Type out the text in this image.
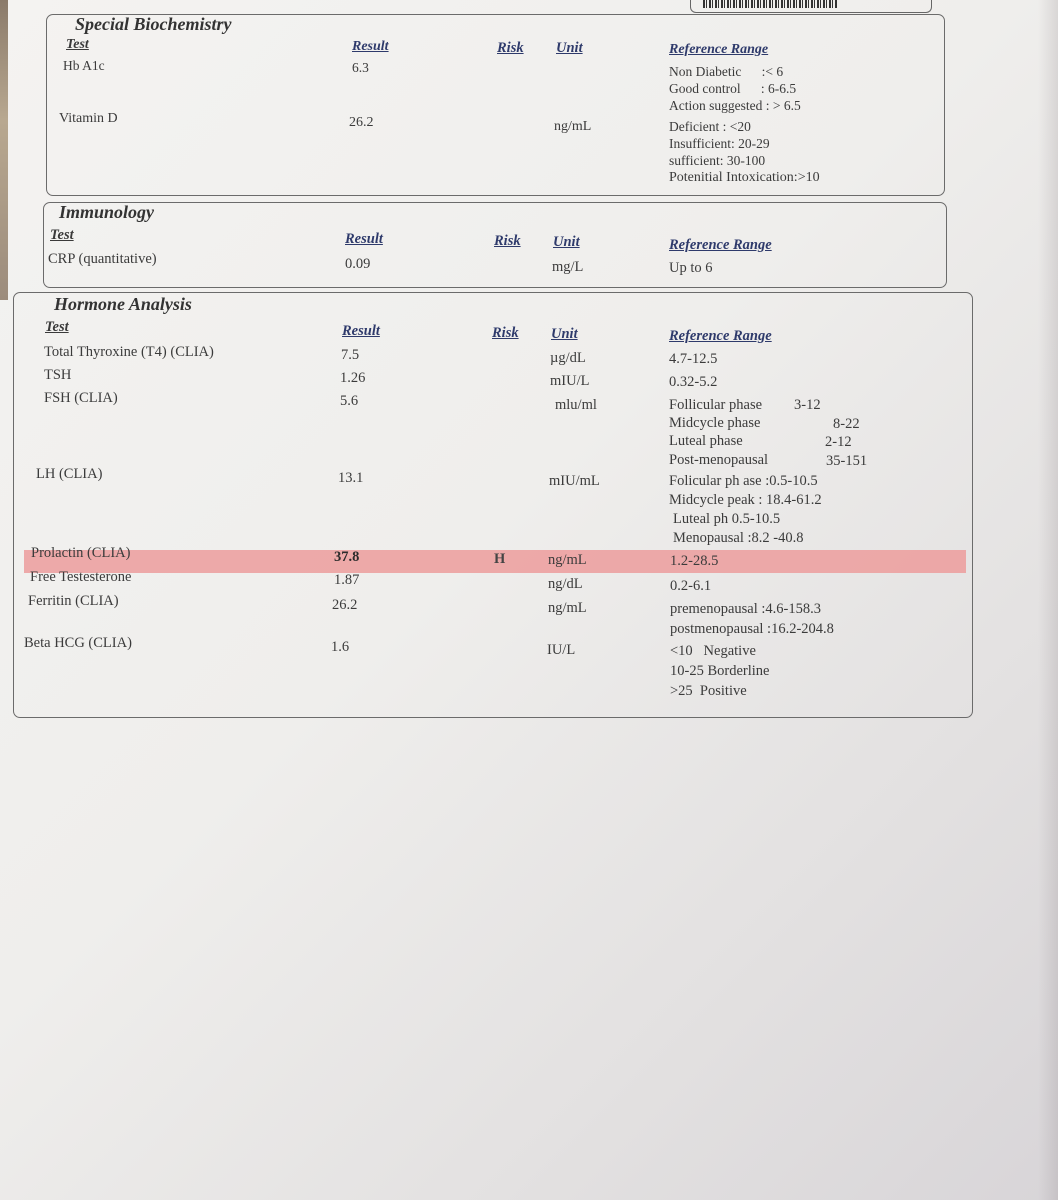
Special Biochemistry
Test	Result	Risk Unit	Reference Range
Hb A1c	6.3	Non Diabetic      :< 6
Good control      : 6-6.5
Action suggested : > 6.5
Vitamin D	26.2	ng/mL	Deficient : <20
Insufficient: 20-29
sufficient: 30-100
Potenitial Intoxication:>10
Immunology
Test	Result	Risk Unit	Reference Range
CRP (quantitative)	0.09	mg/L	Up to 6
Hormone Analysis
Test	Result	Risk Unit	Reference Range
Total Thyroxine (T4) (CLIA)	7.5	µg/dL	4.7-12.5
TSH	1.26	mIU/L	0.32-5.2
FSH (CLIA)	5.6	mlu/ml	Follicular phase 3-12
Midcycle phase	8-22
Luteal phase	2-12
Post-menopausal	35-151
LH (CLIA)	13.1	mIU/mL	Folicular ph ase :0.5-10.5
Midcycle peak : 18.4-61.2
Luteal ph 0.5-10.5
Menopausal :8.2 -40.8
Prolactin (CLIA)	37.8	H	ng/mL	1.2-28.5
Free Testesterone	1.87	ng/dL	0.2-6.1
Ferritin (CLIA)	26.2	ng/mL	premenopausal :4.6-158.3
postmenopausal :16.2-204.8
Beta HCG (CLIA)	1.6	IU/L	<10   Negative
10-25 Borderline
>25  Positive
